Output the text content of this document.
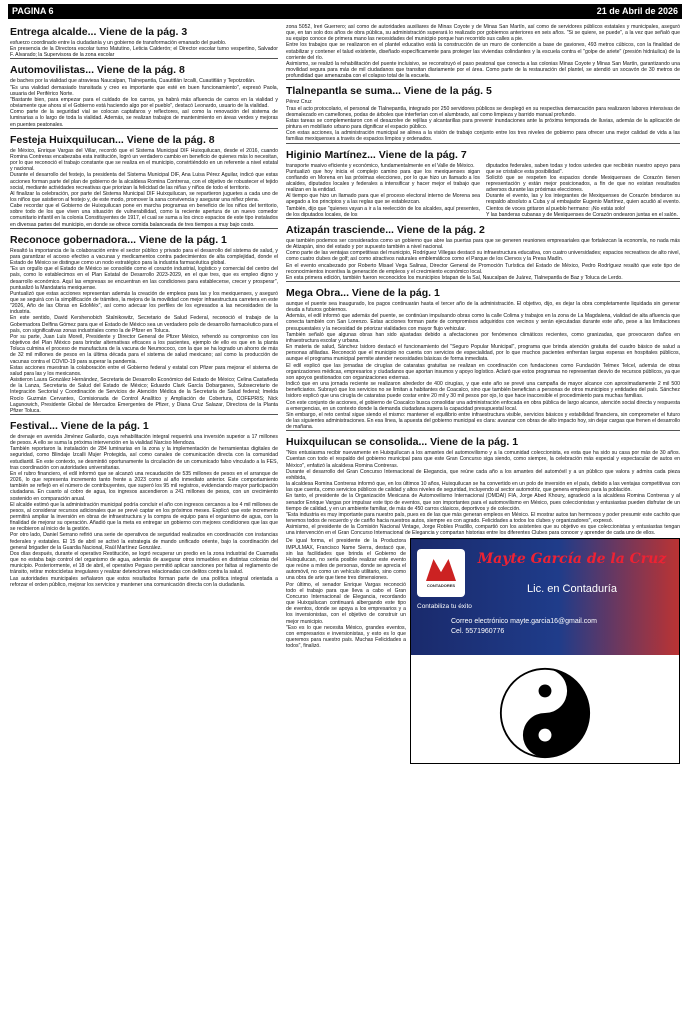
PAGINA 6	21 de Abril de 2026
Entrega alcalde... Viene de la pág. 3

esfuerzo coordinado entre la ciudadanía y un gobierno de transformación emanado del pueblo.

En presencia de la Directora escolar turno Matutino, Leticia Calderón; el Director escolar turno vespertino, Salvador F. Alvarado; la Supervisora de la zona escolar

Automovilistas... Viene de la pág. 8

de baches por la vialidad que atraviesa Naucalpan, Tlalnepantla, Cuautitlán Izcalli, Cuautitlán y Tepotzotlán.

"Es una vialidad demasiado transitada y creo es importante que esté en buen funcionamiento", expresó Paola, usuaria del Periférico Norte.

"Bastante bien, para empezar para el cuidado de los carros, ya habrá más afluencia de carros en la vialidad y obviamente que ahora sí el Gobierno está haciendo algo por el pueblo", destacó Leonardo, usuario de la vialidad.

Como parte de la seguridad vial se colocan captafaros y reflectores, así como la renovación del sistema de luminarias a lo largo de toda la vialidad. Además, se realizan trabajos de mantenimiento en áreas verdes y mejoras en puentes peatonales.

Festeja Huixquilucan... Viene de la pág. 8

de México, Enrique Vargas del Villar, recordó que el Sistema Municipal DIF Huixquilucan, desde el 2016, cuando Romina Contreras encabezaba esta institución, logró un verdadero cambio en beneficio de quienes más lo necesitan, por lo que reconoció el trabajo constante que se realiza en el municipio, convirtiéndolo en un referente a nivel estatal y nacional.

Durante el desarrollo del festejo, la presidenta del Sistema Municipal DIF, Ana Luisa Pérez Aguilar, indicó que estas acciones forman parte del plan de gobierno de la alcaldesa Romina Contreras, con el objetivo de robustecer el tejido social, mediante actividades recreativas que priorizan la felicidad de las niñas y niños de todo el territorio.

Al finalizar la celebración, por parte del Sistema Municipal DIF Huixquilucan, se repartieron juguetes a cada uno de los niños que asistieron al festejo y, de este modo, promover la sana convivencia y asegurar una niñez plena.

Cabe recordar que el Gobierno de Huixquilucan pone en marcha programas en beneficio de los niños del territorio, sobre todo de los que viven una situación de vulnerabilidad, como la reciente apertura de un nuevo comedor comunitario infantil en la colonia Constituyentes de 1917, el cual se suma a los cinco espacios de este tipo instalados en diversas partes del municipio, en donde se ofrece comida balanceada de tres tiempos a muy bajo costo.

Reconoce gobernadora... Viene de la pág. 1

Resaltó la importancia de la colaboración entre el sector público y privado para el desarrollo del sistema de salud, y para garantizar el acceso efectivo a vacunas y medicamentos contra padecimientos de alta complejidad, donde el Estado de México se distingue como un nodo estratégico para la industria farmacéutica global.

"Es un orgullo que el Estado de México se consolide como el corazón industrial, logístico y comercial del centro del país, como lo establecimos en el Plan Estatal de Desarrollo 2023-2029, en el que tres, que es empleo digno y desarrollo económico. Aquí las empresas se encuentran en las condiciones para establecerse, crecer y prosperar", puntualizó la Mandataria mexiquense.

Puntualizó que estas acciones representan además la creación de empleos para las y los mexiquenses, y aseguró que se seguirá con la simplificación de trámites, la mejora de la movilidad con mejor infraestructura carretera en este "2026, Año de las Obras en EdoMéx", así como adecuar los perfiles de los egresados a las necesidades de la industria.

En este sentido, David Kershenobich Stalnikowitz, Secretario de Salud Federal, reconoció el trabajo de la Gobernadora Delfina Gómez para que el Estado de México sea un verdadero polo de desarrollo farmacéutico para el país, con significativas zonas industriales como la de Pfizer en Toluca.

Por su parte, Juan Luis Morell, Presidente y Director General de Pfizer México, refrendó su compromiso con los objetivos del Plan México para brindar alternativas eficaces a los pacientes, ejemplo de ello es que en la planta Toluca culmina el proceso de manufactura de la vacuna de Neumococo, con la que se ha logrado un ahorro de más de 32 mil millones de pesos en la última década para el sistema de salud mexicano; así como la producción de vacunas contra el COVID-19 para superar la pandemia.

Estas acciones muestran la colaboración entre el Gobierno federal y estatal con Pfizer para mejorar el sistema de salud para las y los mexicanos.

Asistieron Laura González Hernández, Secretaria de Desarrollo Económico del Estado de México; Celina Castañeda de la Lanza, Secretaria de Salud del Estado de México; Eduardo Clark García Dobarganes, Subsecretario de Integración Sectorial y Coordinación de Servicios de Atención Médica de la Secretaría de Salud federal; Imelda Rocío Guzmán Cervantes, Comisionada de Control Analítico y Ampliación de Cobertura, COFEPRIS; Nick Lagunowich, Presidente Global de Mercados Emergentes de Pfizer, y Diana Cruz Salazar, Directora de la Planta Pfizer Toluca.

Festival... Viene de la pág. 1

de drenaje en avenida Jiménez Gallardo, cuya rehabilitación integral requerirá una inversión superior a 17 millones de pesos. A ello se suma la próxima intervención en la vialidad Narciso Mendoza.

También reportaron la instalación de 284 luminarias en la zona y la implementación de herramientas digitales de seguridad, como Blindaje Izcalli Mujer Protegida, así como canales de comunicación directa con la comunidad estudiantil. En este contexto, se desmintió oportunamente la circulación de un comunicado falso vinculado a la FES, tras coordinación con autoridades universitarias.

En el rubro financiero, el edil informó que se alcanzó una recaudación de 535 millones de pesos en el arranque de 2026, lo que representa incremento tanto frente a 2023 como al año inmediato anterior. Este comportamiento también se reflejó en el número de contribuyentes, que superó los 95 mil registros, evidenciando mayor participación ciudadana. En cuanto al cobro de agua, los ingresos ascendieron a 241 millones de pesos, con un crecimiento sostenido en comparación anual.

El alcalde estimó que la administración municipal podría concluir el año con ingresos cercanos a los 4 mil millones de pesos, al considerar recursos adicionales que se prevé captar en los próximos meses. Explicó que este incremento permitirá ampliar la inversión en obras de infraestructura y la compra de equipo para el organismo de agua, con la finalidad de mejorar su operación. Añadió que la meta es entregar un gobierno con mejores condiciones que las que se recibieron al inicio de la gestión.

Por otro lado, Daniel Serrano refirió una serie de operativos de seguridad realizados en coordinación con instancias federales y estatales. El 15 de abril se activó la estrategia de mando unificado oriente, bajo la coordinación del general brigadier de la Guardia Nacional, Raúl Martínez González.

Dos días después, durante el operativo Restitución, se logró recuperar un predio en la zona industrial de Cuamatla que no estaba bajo control del organismo de agua, además de asegurar otros inmuebles en distintas colonias del municipio. Posteriormente, el 18 de abril, el operativo Pegaso permitió aplicar sanciones por faltas al reglamento de tránsito, retirar motocicletas irregulares y realizar detenciones relacionadas con delitos contra la salud.

Las autoridades municipales señalaron que estos resultados forman parte de una política integral orientada a reforzar el orden público, mejorar los servicios y mantener una comunicación directa con la ciudadanía.

zona 5052, Ireri Guerrero; así como de autoridades auxiliares de Minas Coyote y de Minas San Martín, así como de servidores públicos estatales y municipales, aseguró que, en tan solo dos años de obra pública, su administración superará lo realizado por gobiernos anteriores en seis años. "Si se quiere, se puede", a la vez que señaló que su equipo conoce de primera mano las necesidades del municipio porque han recorrido sus calles a pie.

Entre los trabajos que se realizaron en el plantel educativo está la construcción de un muro de contención a base de gaviones, 493 metros cúbicos, con la finalidad de estabilizar y contener el talud existente, diseñado específicamente para proteger las viviendas colindantes y la escuela contra el "golpe de ariete" (presión hidráulica) de la corriente del río.

Asimismo, se realizó la rehabilitación del puente incluisivo, se reconstruyó el paso peatonal que conecta a las colonias Minas Coyote y Minas San Martín, garantizando una movilidad segura para más de mil ciudadanos que transitan diariamente por el área. Como parte de la restauración del plantel, se atendió un socavón de 30 metros de profundidad que amenazaba con el colapso total de la escuela.

Tlalnepantla se suma... Viene de la pág. 5
Pérez Cruz

Tras el acto protocolario, el personal de Tlalnepantla, integrado por 250 servidores públicos se desplegó en su respectiva demarcación para realizaron labores intensivas de desmalezado en camellones, podas de árboles que interferían con el alumbrado, así como limpieza y barrido manual profundo.

Estas tareas se complementaron con el desazolve de rejillas y alcantarillas para prevenir inundaciones ante la próxima temporada de lluvias, además de la aplicación de pintura en mobiliario urbano para dignificar el espacio público.

Con estas acciones, la administración municipal se alinea a la visión de trabajo conjunto entre los tres niveles de gobierno para ofrecer una mejor calidad de vida a las familias mexiquenses a través de espacios limpios y ordenados.

Higinio Martínez... Viene de la pág. 7

transporte masivo eficiente y económico, fundamentalmente en el Valle de México.

Puntualizó que hoy inicia el complejo camino para que los mexiquenses sigan confiando en Morena en las próximas elecciones, por lo que hizo un llamado a los alcaldes, diputados locales y federales a intensificar y hacer mejor el trabajo que realizan en la entidad.

Al tiempo que hizo un llamado para que el proceso electoral interno de Morena sea apegado a los principios y a las reglas que se establezcan.

También, dijo que "quienes vayan a ir a la reelección de los alcaldes, aquí presentes, de los diputados locales, de los

diputados federales, saben todas y todos ustedes que recibirán nuestro apoyo para que se cristalice esta posibilidad".

Solicitó que se respeten los espacios donde Mexiquenses de Corazón tienen representación y están mejor posicionados, a fin de que no existan resultados adversos durante las próximas elecciones.

Durante el evento, las y los integrantes de Mexiquenses de Corazón brindaron su respaldo absoluto a Cuba y al embajador Eugenio Martínez, quien acudió al evento. Cientos de voces gritaron al pueblo hermano: ¡No estás solo!

Y las banderas cubanas y de Mexiquenses de Corazón ondearon juntas en el salón.

Atizapán trasciende... Viene de la pág. 2

que también podemos ser considerados como un gobierno que abre las puertas para que se generen reuniones empresariales que fortalezcan la economía, no nada más de Atizapán, sino del estado y por supuesto también a nivel nacional.

Como parte de las ventajas competitivas del municipio, Rodríguez Villegas destacó su infraestructura educativa, con cuatro universidades; espacios recreativos de alto nivel, como cuatro clubes de golf; así como atractivos naturales emblemáticos como el Parque de los Ciervos y la Presa Madín.

En el evento encabezado por Roberto Misael Vega Salinas, Director General de Promoción Turística del Estado de México, Pedro Rodríguez resaltó que este tipo de reconocimientos incentiva la generación de empleos y el crecimiento económico local.

En esta primera edición, también fueron reconocidos los municipios Ixtapan de la Sal, Naucalpan de Juárez, Tlalnepantla de Baz y Toluca de Lerdo.

Mega Obra... Viene de la pág. 1

aunque el puente sea inaugurado, los pagos continuarán hasta el tercer año de la administración. El objetivo, dijo, es dejar la obra completamente liquidada sin generar deuda a futuros gobiernos.

Además, el edil informó que además del puente, se continúan impulsando obras como la calle Colima y trabajos en la zona de La Magdalena, vialidad de alta afluencia que conecta también con San Lorenzo. Estas acciones forman parte de compromisos adquiridos con vecinos y serán ejecutadas durante este año, pese a las limitaciones presupuestales y la necesidad de priorizar vialidades con mayor flujo vehicular.

También señaló que algunas obras han sido ajustadas debido a afectaciones por fenómenos climáticos recientes, como granizadas, que provocaron daños en infraestructura escolar y urbana.

En materia de salud, Sánchez Isidoro destacó el funcionamiento del "Seguro Popular Municipal", programa que brinda atención gratuita del cuadro básico de salud a personas afiliadas. Reconoció que el municipio no cuenta con servicios de especialidad, por lo que muchos pacientes enfrentan largas esperas en hospitales públicos, aunque el programa municipal permite atender necesidades básicas de forma inmediata.

El edil explicó que las jornadas de cirugías de cataratas gratuitas se realizan en coordinación con fundaciones como Fundación Telmex Telcel, además de otras organizaciones médicas, empresarios y ciudadanos que aportan insumos y apoyo logístico. Aclaró que estos programas no representan desvío de recursos públicos, ya que son apoyos gestionados con organizaciones externas.

Indicó que en una jornada reciente se realizaron alrededor de 400 cirugías, y que este año se prevé una campaña de mayor alcance con aproximadamente 2 mil 500 beneficiarios. Subrayó que los servicios no se limitan a habitantes de Coacalco, sino que también benefician a personas de otros municipios y entidades del país. Sánchez Isidoro explicó que una cirugía de cataratas puede costar entre 20 mil y 30 mil pesos por ojo, lo que hace inaccesible el procedimiento para muchas familias.

Con este conjunto de acciones, el gobierno de Coacalco busca consolidar una administración enfocada en obra pública de largo alcance, atención social directa y respuesta a emergencias, en un contexto donde la demanda ciudadana supera la capacidad presupuestal local.

Sin embargo, el reto central sigue siendo el mismo: mantener el equilibrio entre infraestructura visible, servicios básicos y estabilidad financiera, sin comprometer el futuro de las siguientes administraciones. En esa línea, la apuesta del gobierno municipal es clara: avanzar con obras de alto impacto hoy, sin dejar cargas que frenen el desarrollo de mañana.

Huixquilucan se consolida... Viene de la pág. 1

"Nos entusiasma recibir nuevamente en Huixquilucan a los amantes del automovilismo y a la comunidad coleccionista, es esta que ha sido su casa por más de 30 años. Cuentan con todo el respaldo del gobierno municipal para que este Gran Concurso siga siendo, como siempre, la celebración más especial y espectacular de autos en México", enfatizó la alcaldesa Romina Contreras.

Durante el desarrollo del Gran Concurso Internacional de Elegancia, que reúne cada año a los amantes del automóvil y a un público que valora y admira cada pieza exhibida,

la alcaldesa Romina Contreras informó que, en los últimos 10 años, Huixquilucan se ha convertido en un polo de inversión en el país, debido a las ventajas competitivas con las que cuenta, como servicios públicos de calidad y altos niveles de seguridad, incluyendo al sector automotriz, que genera empleos para la población.

En tanto, el presidente de la Organización Mexicana de Automovilismo Internacional (OMDAI) FIA, Jorge Abed Khoury, agradeció a la alcaldesa Romina Contreras y al senador Enrique Vargas por impulsar este tipo de eventos, que son importantes para el automovilismo en México, pues coleccionistas y entusiastas pueden disfrutar de un tiempo de calidad, y en un ambiente familiar, de más de 450 carros clásicos, deportivos y de colección.

"Esta industria es muy importante para nuestro país, pues es de las que más generan empleos en México. El mostrar autos tan hermosos y poder presumir este cachito que tenemos todos de recuerdo y de cariño hacia nuestros autos, siempre es con agrado. Felicidades a todos los clubes y organizadores", expresó.

Asimismo, el presidente de la Comisión Nacional Vintage, Jorge Robles Pradillo, compartió con los asistentes que su objetivo es que coleccionistas y entusiastas tengan una intervención en el Gran Concurso Internacional de Elegancia y compartan historias entre los diferentes Clubes para conocer y aprender de cada uno de ellos.

De igual forma, el presidente de la Productora IMPULMAX, Francisco Name Sierra, destacó que, sin las facilidades que brinda el Gobierno de Huixquilucan, no sería posible realizar este evento que reúne a miles de personas, donde se aprecia el automóvil, no como un vehículo utilitario, sino como una obra de arte que tiene tres dimensiones.

Por último, el senador Enrique Vargas reconoció todo el trabajo para que lleva a cabo el Gran Concurso Internacional de Elegancia, recordando que Huixquilucan continuará albergando este tipo de eventos, donde se apoya a los empresarios y a los inversionistas, con el objetivo de construir un mejor municipio.

"Eso es lo que necesita México, grandes eventos, con empresarios e inversionistas, y esto es lo que queremos para nuestro país. Muchas Felicidades a todos", finalizó.

CONTADORES
Mayte García de la Cruz
Lic. en Contaduría
Contabiliza tu éxito
Correo electrónico mayte.garcia16@gmail.com
Cel. 5571960776
